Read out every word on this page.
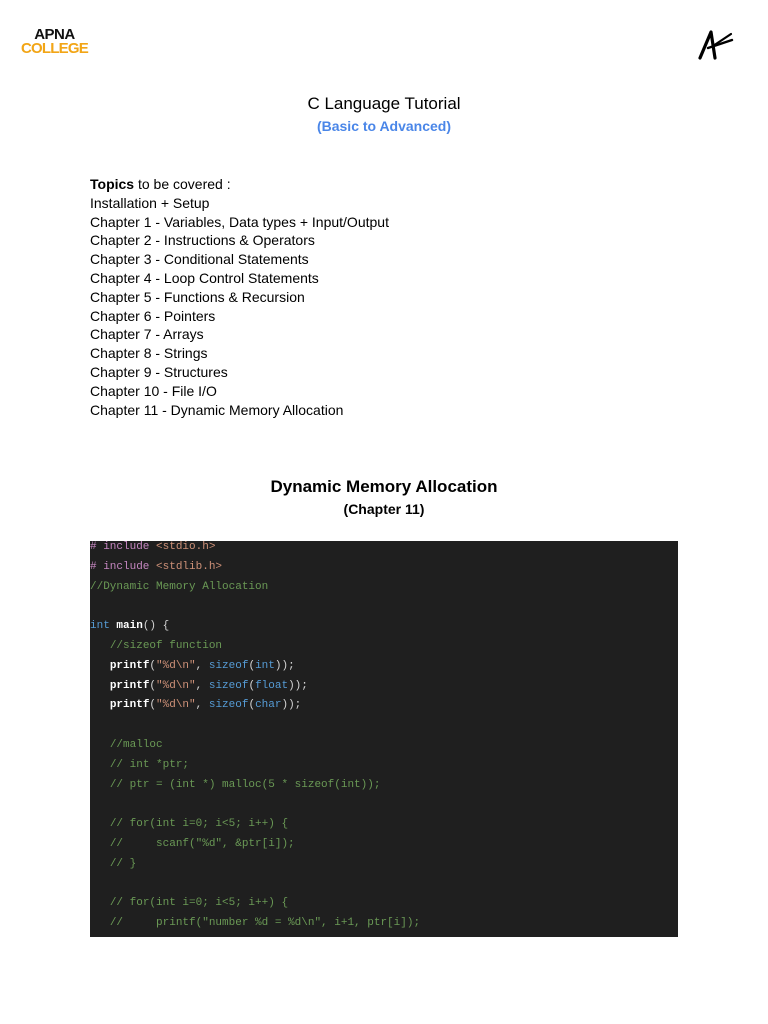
APNA
COLLEGE
C Language Tutorial
(Basic to Advanced)
Topics to be covered :
Installation + Setup
Chapter 1 - Variables, Data types + Input/Output
Chapter 2 - Instructions & Operators
Chapter 3 - Conditional Statements
Chapter 4 - Loop Control Statements
Chapter 5 - Functions & Recursion
Chapter 6 - Pointers
Chapter 7 - Arrays
Chapter 8 - Strings
Chapter 9 - Structures
Chapter 10 - File I/O
Chapter 11 - Dynamic Memory Allocation
Dynamic Memory Allocation
(Chapter 11)
# include <stdio.h>
# include <stdlib.h>
//Dynamic Memory Allocation
int main() {
//sizeof function
printf("%d\n", sizeof(int));
printf("%d\n", sizeof(float));
printf("%d\n", sizeof(char));
//malloc
// int *ptr;
// ptr = (int *) malloc(5 * sizeof(int));
// for(int i=0; i<5; i++) {
//     scanf("%d", &ptr[i]);
// }
// for(int i=0; i<5; i++) {
//     printf("number %d = %d\n", i+1, ptr[i]);
